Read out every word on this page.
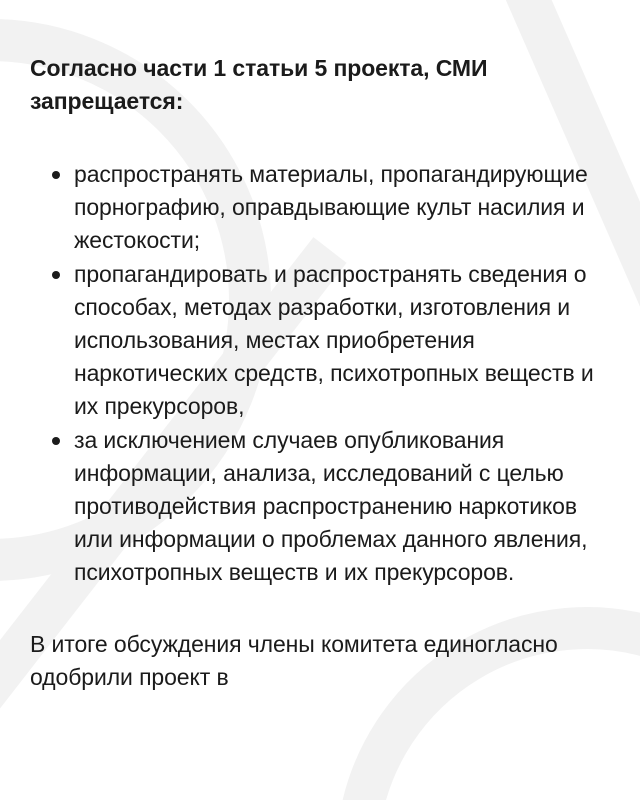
Согласно части 1 статьи 5 проекта, СМИ запрещается:

распространять материалы, пропагандирующие порнографию, оправдывающие культ насилия и жестокости;
пропагандировать и распространять сведения о способах, методах разработки, изготовления и использования, местах приобретения наркотических средств, психотропных веществ и их прекурсоров,
за исключением случаев опубликования информации, анализа, исследований с целью противодействия распространению наркотиков или информации о проблемах данного явления, психотропных веществ и их прекурсоров.

В итоге обсуждения члены комитета единогласно одобрили проект в
